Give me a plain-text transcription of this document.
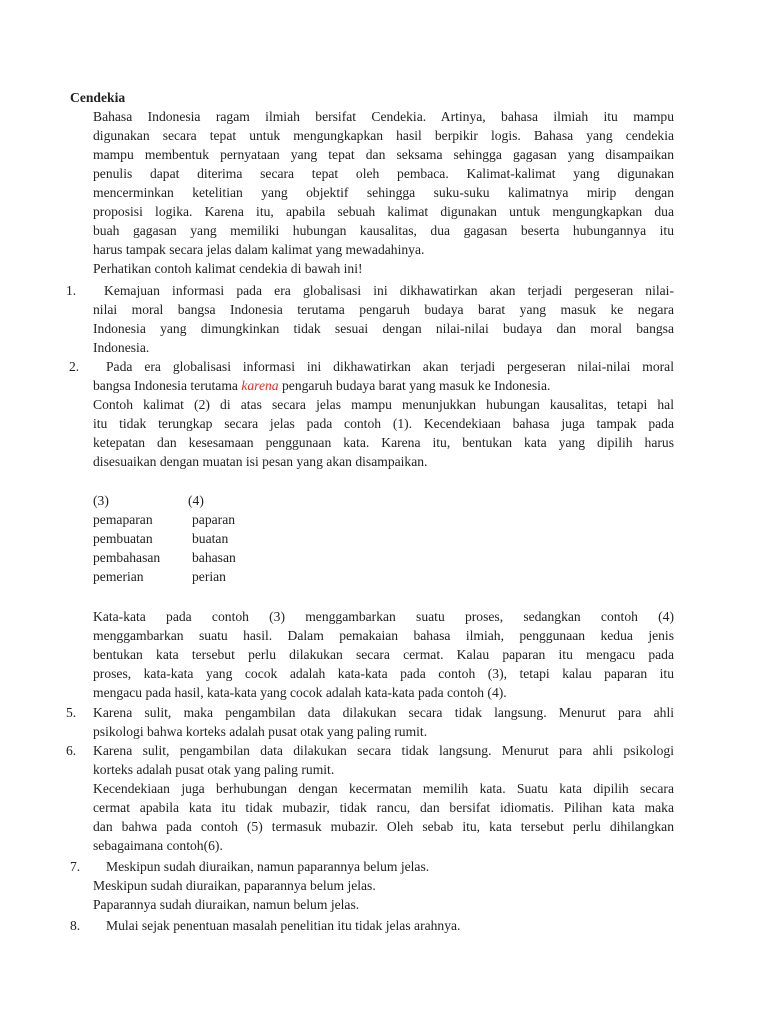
Cendekia
Bahasa Indonesia ragam ilmiah bersifat Cendekia. Artinya, bahasa ilmiah itu mampu
digunakan secara tepat untuk mengungkapkan hasil berpikir logis. Bahasa yang cendekia
mampu membentuk pernyataan yang tepat dan seksama sehingga gagasan yang disampaikan
penulis dapat diterima secara tepat oleh pembaca. Kalimat-kalimat yang digunakan
mencerminkan ketelitian yang objektif sehingga suku-suku kalimatnya mirip dengan
proposisi logika. Karena itu, apabila sebuah kalimat digunakan untuk mengungkapkan dua
buah gagasan yang memiliki hubungan kausalitas, dua gagasan beserta hubungannya itu
harus tampak secara jelas dalam kalimat yang mewadahinya.
Perhatikan contoh kalimat cendekia di bawah ini!
1. Kemajuan informasi pada era globalisasi ini dikhawatirkan akan terjadi pergeseran nilai-
nilai moral bangsa Indonesia terutama pengaruh budaya barat yang masuk ke negara
Indonesia yang dimungkinkan tidak sesuai dengan nilai-nilai budaya dan moral bangsa
Indonesia.
2. Pada era globalisasi informasi ini dikhawatirkan akan terjadi pergeseran nilai-nilai moral
bangsa Indonesia terutama karena pengaruh budaya barat yang masuk ke Indonesia.
Contoh kalimat (2) di atas secara jelas mampu menunjukkan hubungan kausalitas, tetapi hal
itu tidak terungkap secara jelas pada contoh (1). Kecendekiaan bahasa juga tampak pada
ketepatan dan kesesamaan penggunaan kata. Karena itu, bentukan kata yang dipilih harus
disesuaikan dengan muatan isi pesan yang akan disampaikan.
(3)	(4)
pemaparan	paparan
pembuatan	buatan
pembahasan bahasan
pemerian	perian
Kata-kata pada contoh (3) menggambarkan suatu proses, sedangkan contoh (4)
menggambarkan suatu hasil. Dalam pemakaian bahasa ilmiah, penggunaan kedua jenis
bentukan kata tersebut perlu dilakukan secara cermat. Kalau paparan itu mengacu pada
proses, kata-kata yang cocok adalah kata-kata pada contoh (3), tetapi kalau paparan itu
mengacu pada hasil, kata-kata yang cocok adalah kata-kata pada contoh (4).
5. Karena sulit, maka pengambilan data dilakukan secara tidak langsung. Menurut para ahli
psikologi bahwa korteks adalah pusat otak yang paling rumit.
6. Karena sulit, pengambilan data dilakukan secara tidak langsung. Menurut para ahli psikologi
korteks adalah pusat otak yang paling rumit.
Kecendekiaan juga berhubungan dengan kecermatan memilih kata. Suatu kata dipilih secara
cermat apabila kata itu tidak mubazir, tidak rancu, dan bersifat idiomatis. Pilihan kata maka
dan bahwa pada contoh (5) termasuk mubazir. Oleh sebab itu, kata tersebut perlu dihilangkan
sebagaimana contoh(6).
7. Meskipun sudah diuraikan, namun paparannya belum jelas.
Meskipun sudah diuraikan, paparannya belum jelas.
Paparannya sudah diuraikan, namun belum jelas.
8. Mulai sejak penentuan masalah penelitian itu tidak jelas arahnya.
